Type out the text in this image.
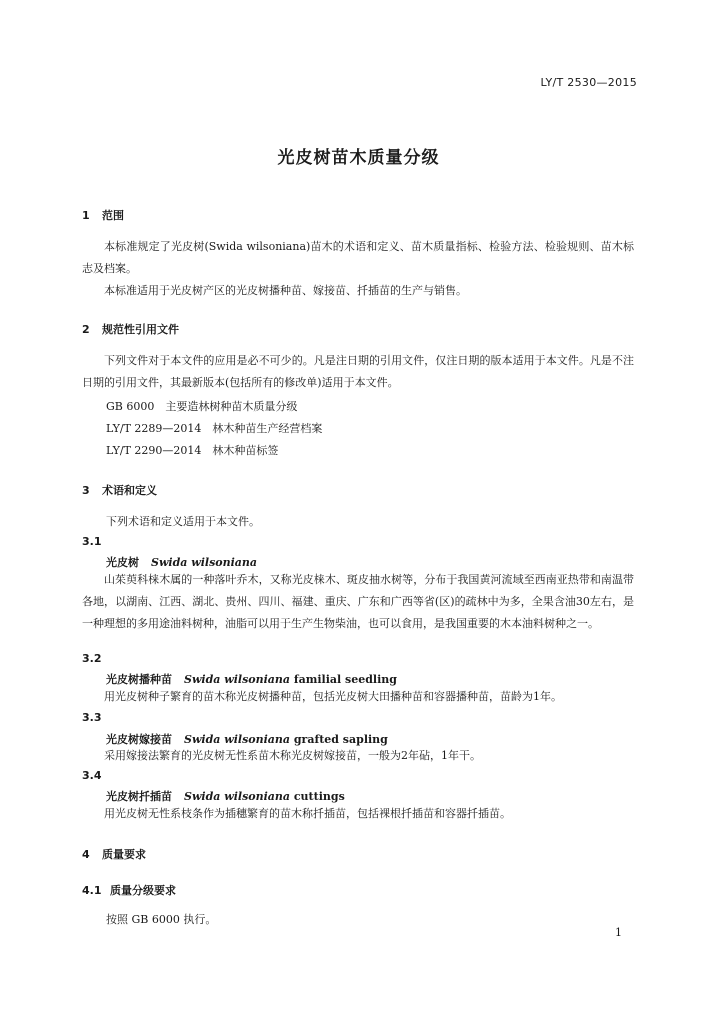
LY/T 2530—2015
光皮树苗木质量分级
1 范围

本标准规定了光皮树(Swida wilsoniana)苗木的术语和定义、苗木质量指标、检验方法、检验规则、苗木标志及档案。

本标准适用于光皮树产区的光皮树播种苗、嫁接苗、扦插苗的生产与销售。

2 规范性引用文件

下列文件对于本文件的应用是必不可少的。凡是注日期的引用文件，仅注日期的版本适用于本文件。凡是不注日期的引用文件，其最新版本(包括所有的修改单)适用于本文件。

GB 6000　主要造林树种苗木质量分级
LY/T 2289—2014　林木种苗生产经营档案
LY/T 2290—2014　林木种苗标签
3 术语和定义
下列术语和定义适用于本文件。
3.1
光皮树 Swida wilsoniana

山茱萸科梾木属的一种落叶乔木，又称光皮梾木、斑皮抽水树等，分布于我国黄河流域至西南亚热带和南温带各地，以湖南、江西、湖北、贵州、四川、福建、重庆、广东和广西等省(区)的疏林中为多，全果含油30左右，是一种理想的多用途油料树种，油脂可以用于生产生物柴油，也可以食用，是我国重要的木本油料树种之一。

3.2
光皮树播种苗 Swida wilsoniana familial seedling

用光皮树种子繁育的苗木称光皮树播种苗，包括光皮树大田播种苗和容器播种苗，苗龄为1年。

3.3
光皮树嫁接苗 Swida wilsoniana grafted sapling

采用嫁接法繁育的光皮树无性系苗木称光皮树嫁接苗，一般为2年砧，1年干。

3.4
光皮树扦插苗 Swida wilsoniana cuttings

用光皮树无性系枝条作为插穗繁育的苗木称扦插苗，包括裸根扦插苗和容器扦插苗。

4 质量要求
4.1 质量分级要求
按照 GB 6000 执行。
1
